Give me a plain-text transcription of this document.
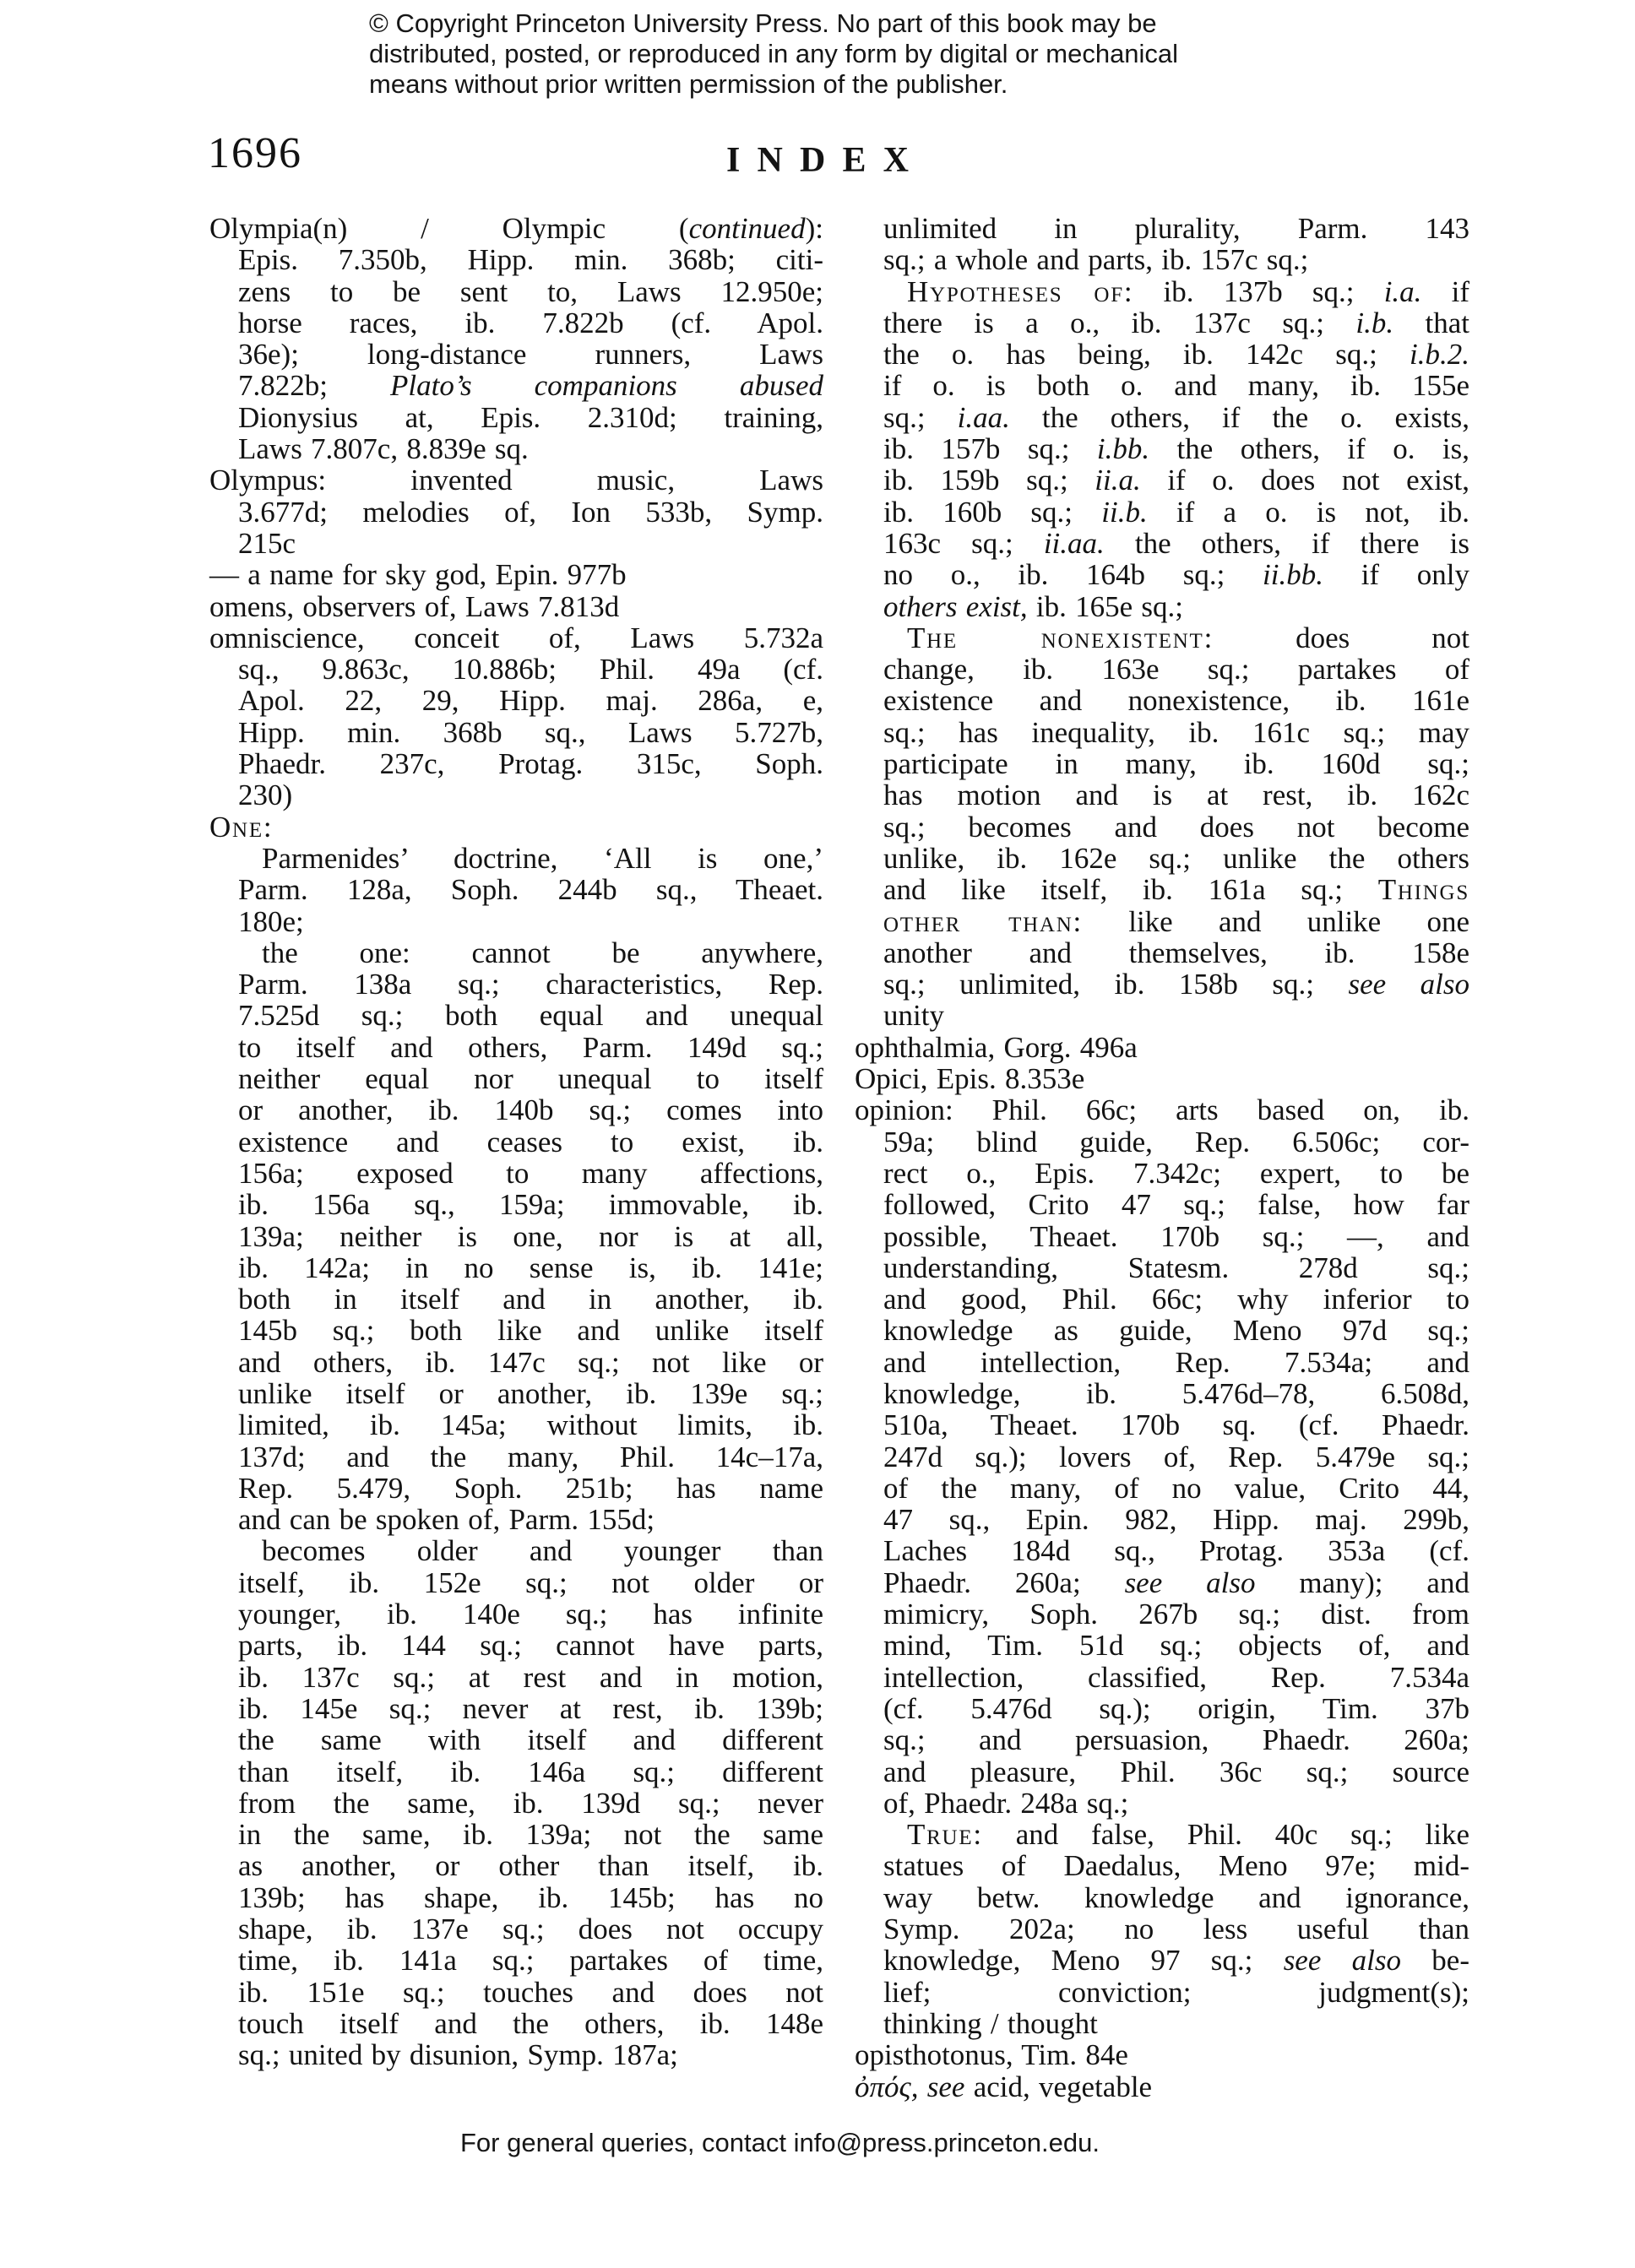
© Copyright Princeton University Press. No part of this book may be
distributed, posted, or reproduced in any form by digital or mechanical
means without prior written permission of the publisher.
1696	INDEX
Olympia(n) / Olympic (continued):
Epis. 7.350b, Hipp. min. 368b; citi-
zens to be sent to, Laws 12.950e;
horse races, ib. 7.822b (cf. Apol.
36e); long-distance runners, Laws
7.822b; Plato’s companions abused
Dionysius at, Epis. 2.310d; training,
Laws 7.807c, 8.839e sq.
Olympus: invented music, Laws
3.677d; melodies of, Ion 533b, Symp.
215c
— a name for sky god, Epin. 977b
omens, observers of, Laws 7.813d
omniscience, conceit of, Laws 5.732a
sq., 9.863c, 10.886b; Phil. 49a (cf.
Apol. 22, 29, Hipp. maj. 286a, e,
Hipp. min. 368b sq., Laws 5.727b,
Phaedr. 237c, Protag. 315c, Soph.
230)
One:
Parmenides’ doctrine, ‘All is one,’
Parm. 128a, Soph. 244b sq., Theaet.
180e;
the one: cannot be anywhere,
Parm. 138a sq.; characteristics, Rep.
7.525d sq.; both equal and unequal
to itself and others, Parm. 149d sq.;
neither equal nor unequal to itself
or another, ib. 140b sq.; comes into
existence and ceases to exist, ib.
156a; exposed to many affections,
ib. 156a sq., 159a; immovable, ib.
139a; neither is one, nor is at all,
ib. 142a; in no sense is, ib. 141e;
both in itself and in another, ib.
145b sq.; both like and unlike itself
and others, ib. 147c sq.; not like or
unlike itself or another, ib. 139e sq.;
limited, ib. 145a; without limits, ib.
137d; and the many, Phil. 14c–17a,
Rep. 5.479, Soph. 251b; has name
and can be spoken of, Parm. 155d;
becomes older and younger than
itself, ib. 152e sq.; not older or
younger, ib. 140e sq.; has infinite
parts, ib. 144 sq.; cannot have parts,
ib. 137c sq.; at rest and in motion,
ib. 145e sq.; never at rest, ib. 139b;
the same with itself and different
than itself, ib. 146a sq.; different
from the same, ib. 139d sq.; never
in the same, ib. 139a; not the same
as another, or other than itself, ib.
139b; has shape, ib. 145b; has no
shape, ib. 137e sq.; does not occupy
time, ib. 141a sq.; partakes of time,
ib. 151e sq.; touches and does not
touch itself and the others, ib. 148e
sq.; united by disunion, Symp. 187a;
unlimited in plurality, Parm. 143
sq.; a whole and parts, ib. 157c sq.;
Hypotheses of: ib. 137b sq.; i.a. if
there is a o., ib. 137c sq.; i.b. that
the o. has being, ib. 142c sq.; i.b.2.
if o. is both o. and many, ib. 155e
sq.; i.aa. the others, if the o. exists,
ib. 157b sq.; i.bb. the others, if o. is,
ib. 159b sq.; ii.a. if o. does not exist,
ib. 160b sq.; ii.b. if a o. is not, ib.
163c sq.; ii.aa. the others, if there is
no o., ib. 164b sq.; ii.bb. if only
others exist, ib. 165e sq.;
The nonexistent: does not
change, ib. 163e sq.; partakes of
existence and nonexistence, ib. 161e
sq.; has inequality, ib. 161c sq.; may
participate in many, ib. 160d sq.;
has motion and is at rest, ib. 162c
sq.; becomes and does not become
unlike, ib. 162e sq.; unlike the others
and like itself, ib. 161a sq.; Things
other than: like and unlike one
another and themselves, ib. 158e
sq.; unlimited, ib. 158b sq.; see also
unity
ophthalmia, Gorg. 496a
Opici, Epis. 8.353e
opinion: Phil. 66c; arts based on, ib.
59a; blind guide, Rep. 6.506c; cor-
rect o., Epis. 7.342c; expert, to be
followed, Crito 47 sq.; false, how far
possible, Theaet. 170b sq.; —, and
understanding, Statesm. 278d sq.;
and good, Phil. 66c; why inferior to
knowledge as guide, Meno 97d sq.;
and intellection, Rep. 7.534a; and
knowledge, ib. 5.476d–78, 6.508d,
510a, Theaet. 170b sq. (cf. Phaedr.
247d sq.); lovers of, Rep. 5.479e sq.;
of the many, of no value, Crito 44,
47 sq., Epin. 982, Hipp. maj. 299b,
Laches 184d sq., Protag. 353a (cf.
Phaedr. 260a; see also many); and
mimicry, Soph. 267b sq.; dist. from
mind, Tim. 51d sq.; objects of, and
intellection, classified, Rep. 7.534a
(cf. 5.476d sq.); origin, Tim. 37b
sq.; and persuasion, Phaedr. 260a;
and pleasure, Phil. 36c sq.; source
of, Phaedr. 248a sq.;
True: and false, Phil. 40c sq.; like
statues of Daedalus, Meno 97e; mid-
way betw. knowledge and ignorance,
Symp. 202a; no less useful than
knowledge, Meno 97 sq.; see also be-
lief; conviction; judgment(s);
thinking / thought
opisthotonus, Tim. 84e
ὀπός, see acid, vegetable
For general queries, contact info@press.princeton.edu.
